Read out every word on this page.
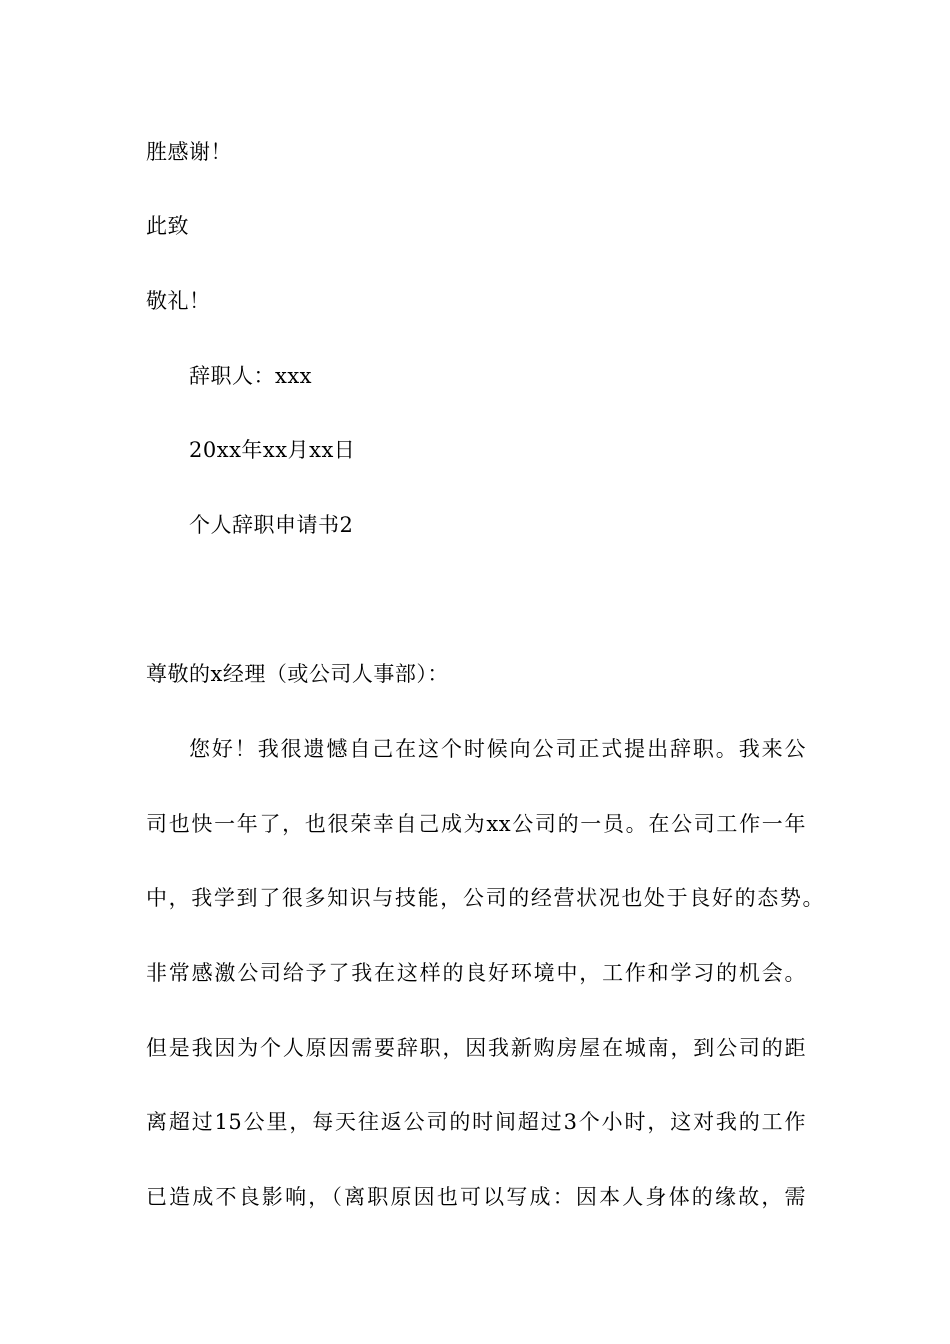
胜感谢！
此致
敬礼！
辞职人：xxx
20xx年xx月xx日
个人辞职申请书2
尊敬的x经理（或公司人事部）：
您好！我很遗憾自己在这个时候向公司正式提出辞职。我来公
司也快一年了，也很荣幸自己成为xx公司的一员。在公司工作一年
中，我学到了很多知识与技能，公司的经营状况也处于良好的态势。
非常感激公司给予了我在这样的良好环境中，工作和学习的机会。
但是我因为个人原因需要辞职，因我新购房屋在城南，到公司的距
离超过15公里，每天往返公司的时间超过3个小时，这对我的工作
已造成不良影响，（离职原因也可以写成：因本人身体的缘故，需
